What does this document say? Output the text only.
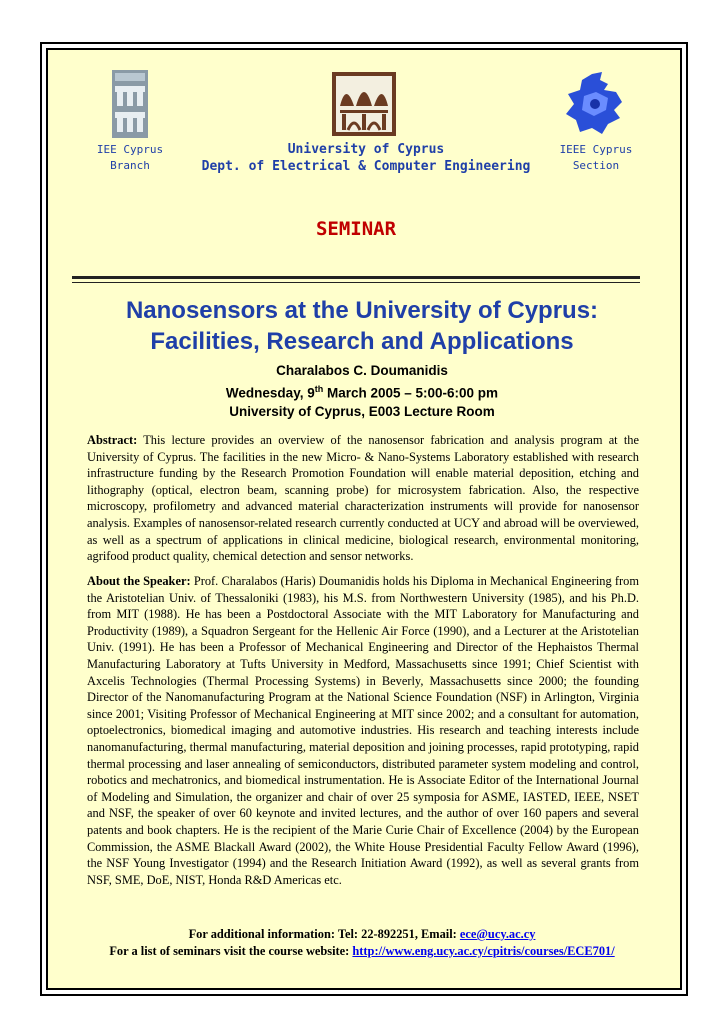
IEE Cyprus
Branch
University of Cyprus
Dept. of Electrical & Computer Engineering
IEEE Cyprus
Section
SEMINAR
Nanosensors at the University of Cyprus:
Facilities, Research and Applications
Charalabos C. Doumanidis
Wednesday, 9th March 2005 – 5:00-6:00 pm
University of Cyprus, E003 Lecture Room
Abstract: This lecture provides an overview of the nanosensor fabrication and analysis program at the University of Cyprus. The facilities in the new Micro- & Nano-Systems Laboratory established with research infrastructure funding by the Research Promotion Foundation will enable material deposition, etching and lithography (optical, electron beam, scanning probe) for microsystem fabrication. Also, the respective microscopy, profilometry and advanced material characterization instruments will provide for nanosensor analysis. Examples of nanosensor-related research currently conducted at UCY and abroad will be overviewed, as well as a spectrum of applications in clinical medicine, biological research, environmental monitoring, agrifood product quality, chemical detection and sensor networks.
About the Speaker: Prof. Charalabos (Haris) Doumanidis holds his Diploma in Mechanical Engineering from the Aristotelian Univ. of Thessaloniki (1983), his M.S. from Northwestern University (1985), and his Ph.D. from MIT (1988). He has been a Postdoctoral Associate with the MIT Laboratory for Manufacturing and Productivity (1989), a Squadron Sergeant for the Hellenic Air Force (1990), and a Lecturer at the Aristotelian Univ. (1991). He has been a Professor of Mechanical Engineering and Director of the Hephaistos Thermal Manufacturing Laboratory at Tufts University in Medford, Massachusetts since 1991; Chief Scientist with Axcelis Technologies (Thermal Processing Systems) in Beverly, Massachusetts since 2000; the founding Director of the Nanomanufacturing Program at the National Science Foundation (NSF) in Arlington, Virginia since 2001; Visiting Professor of Mechanical Engineering at MIT since 2002; and a consultant for automation, optoelectronics, biomedical imaging and automotive industries. His research and teaching interests include nanomanufacturing, thermal manufacturing, material deposition and joining processes, rapid prototyping, rapid thermal processing and laser annealing of semiconductors, distributed parameter system modeling and control, robotics and mechatronics, and biomedical instrumentation. He is Associate Editor of the International Journal of Modeling and Simulation, the organizer and chair of over 25 symposia for ASME, IASTED, IEEE, NSET and NSF, the speaker of over 60 keynote and invited lectures, and the author of over 160 papers and several patents and book chapters. He is the recipient of the Marie Curie Chair of Excellence (2004) by the European Commission, the ASME Blackall Award (2002), the White House Presidential Faculty Fellow Award (1996), the NSF Young Investigator (1994) and the Research Initiation Award (1992), as well as several grants from NSF, SME, DoE, NIST, Honda R&D Americas etc.
For additional information: Tel: 22-892251, Email: ece@ucy.ac.cy
For a list of seminars visit the course website: http://www.eng.ucy.ac.cy/cpitris/courses/ECE701/
